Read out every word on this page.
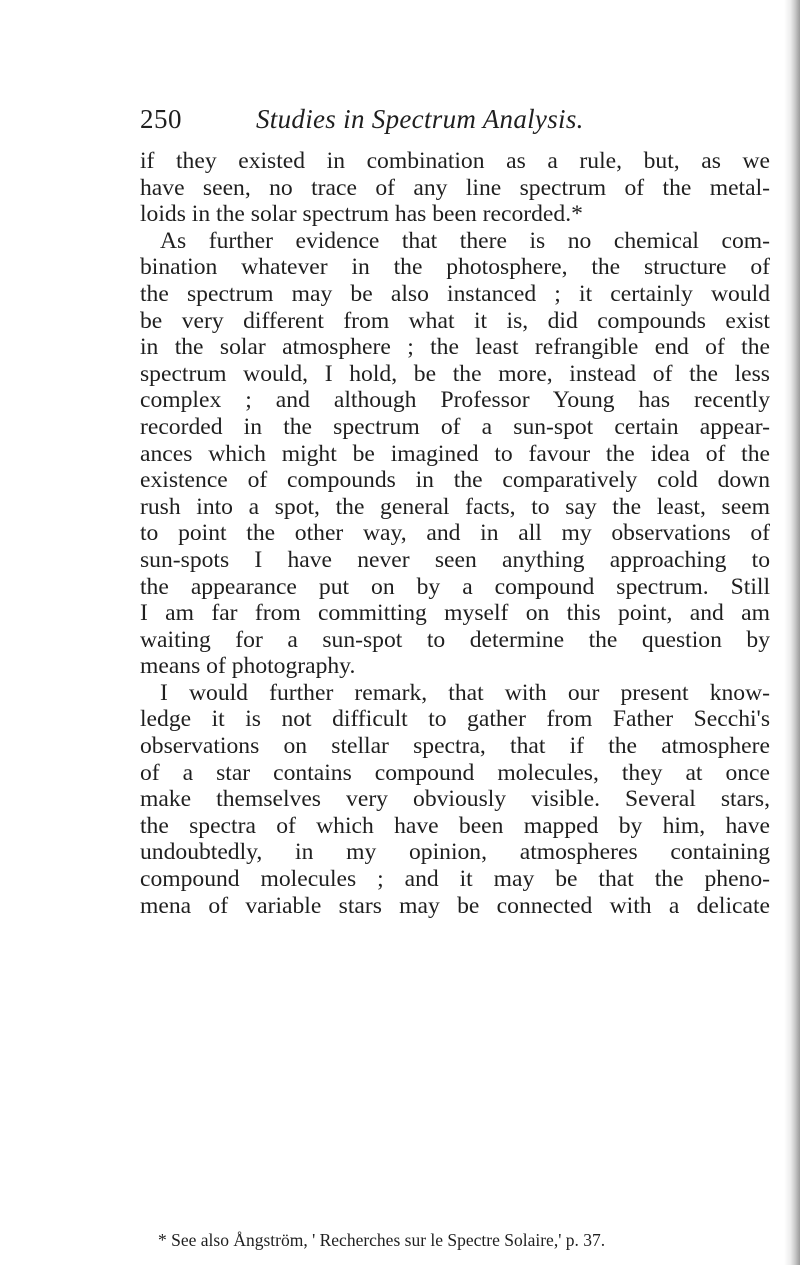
250	Studies in Spectrum Analysis.
if they existed in combination as a rule, but, as we
have seen, no trace of any line spectrum of the metal-
loids in the solar spectrum has been recorded.*
As further evidence that there is no chemical com-
bination whatever in the photosphere, the structure of
the spectrum may be also instanced ; it certainly would
be very different from what it is, did compounds exist
in the solar atmosphere ; the least refrangible end of the
spectrum would, I hold, be the more, instead of the less
complex ; and although Professor Young has recently
recorded in the spectrum of a sun-spot certain appear-
ances which might be imagined to favour the idea of the
existence of compounds in the comparatively cold down
rush into a spot, the general facts, to say the least, seem
to point the other way, and in all my observations of
sun-spots I have never seen anything approaching to
the appearance put on by a compound spectrum. Still
I am far from committing myself on this point, and am
waiting for a sun-spot to determine the question by
means of photography.
I would further remark, that with our present know-
ledge it is not difficult to gather from Father Secchi's
observations on stellar spectra, that if the atmosphere
of a star contains compound molecules, they at once
make themselves very obviously visible. Several stars,
the spectra of which have been mapped by him, have
undoubtedly, in my opinion, atmospheres containing
compound molecules ; and it may be that the pheno-
mena of variable stars may be connected with a delicate
* See also Ångström, ' Recherches sur le Spectre Solaire,' p. 37.
